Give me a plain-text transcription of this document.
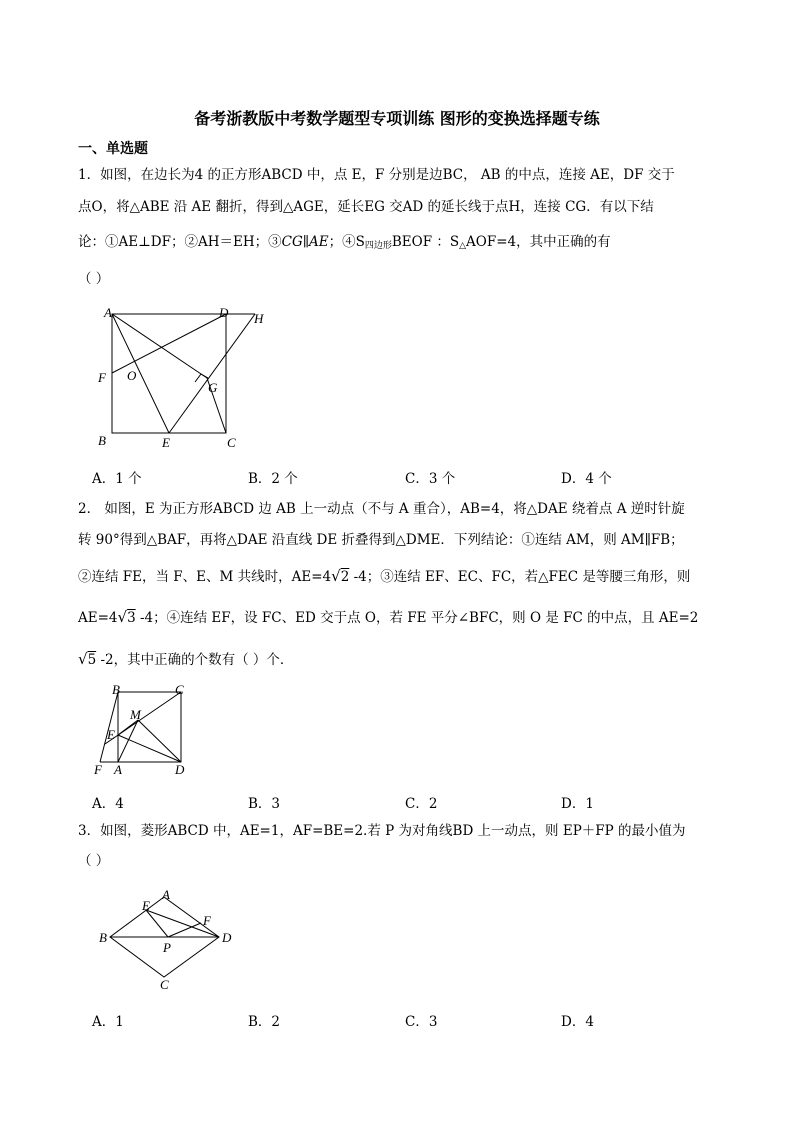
备考浙教版中考数学题型专项训练 图形的变换选择题专练
一、单选题
1．如图，在边长为4 的正方形ABCD 中，点 E，F 分别是边BC， AB 的中点，连接 AE，DF 交于
点O，将△ABE 沿 AE 翻折，得到△AGE，延长EG 交AD 的延长线于点H，连接 CG．有以下结
论：①AE⊥DF；②AH＝EH；③CG∥AE；$④S_{四边形}BEOF$ ：$S_\triangle AOF=4$，其中正确的有
（ ）
A	D H
F O
G
B	E	C
A．1 个	B．2 个	C．3 个	D．4 个
2． 如图，E 为正方形ABCD 边 AB 上一动点（不与 A 重合），AB=4，将△DAE 绕着点 A 逆时针旋
转 90°得到△BAF，再将△DAE 沿直线 DE 折叠得到△DME．下列结论：①连结 AM，则 AM∥FB；
②连结 FE，当 F、E、M 共线时，AE=4√2 -4；③连结 EF、EC、FC，若△FEC 是等腰三角形，则
AE=4√3 -4；④连结 EF，设 FC、ED 交于点 O，若 FE 平分∠BFC，则 O 是 FC 的中点，且 AE=2
√5 -2，其中正确的个数有（ ）个．
B	C
M
E
F A	D
A．4	B．3	C．2	D．1
3．如图，菱形ABCD 中，AE=1，AF=BE=2.若 P 为对角线BD 上一动点，则 EP＋FP 的最小值为
（ ）
A
E
F
B
P
D
C
A．1	B．2	C．3	D．4
